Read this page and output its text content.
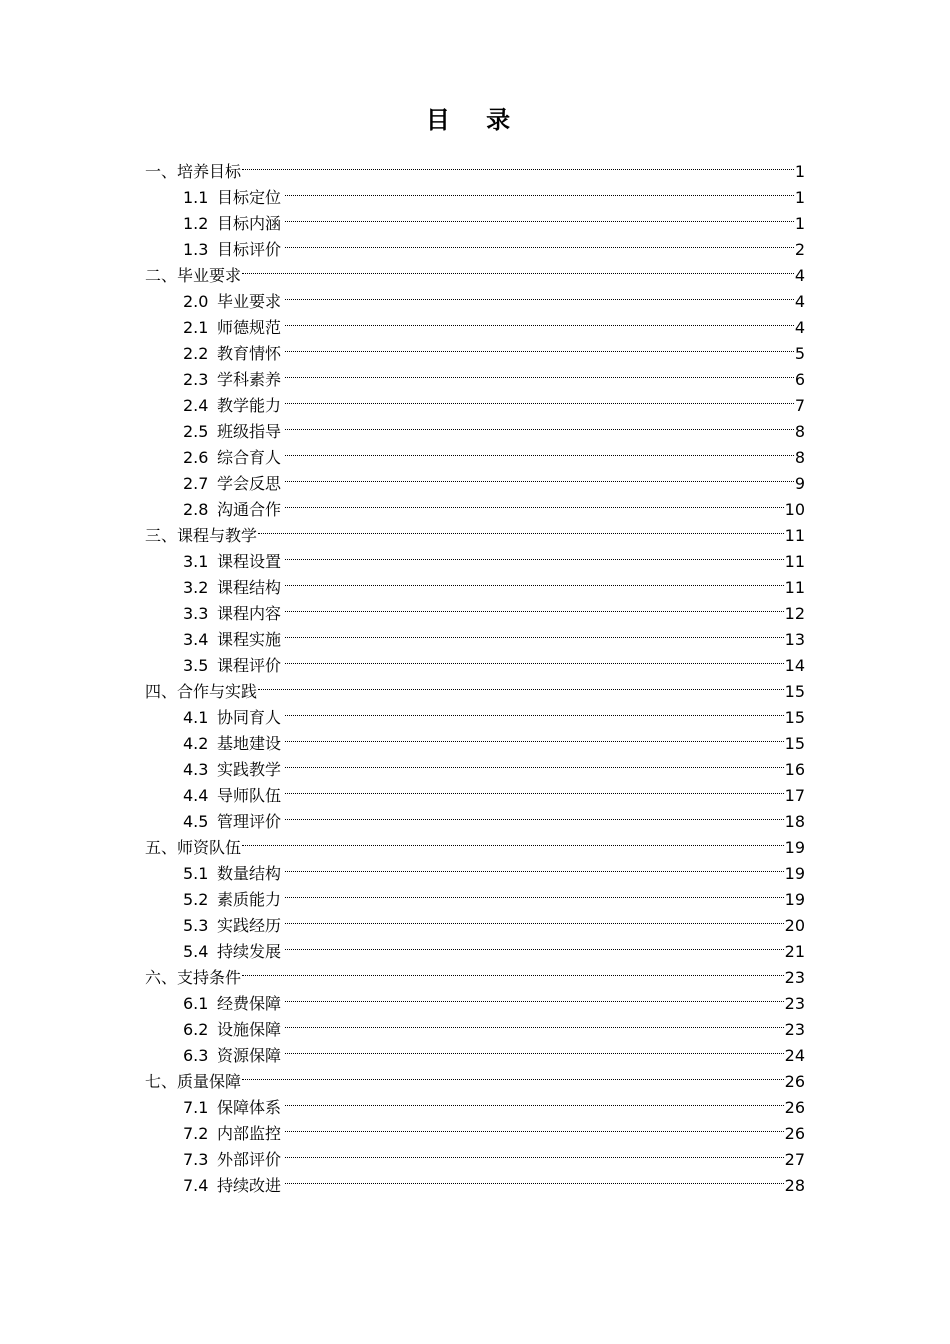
目 录
一、培养目标	1
1.1 目标定位	1
1.2 目标内涵	1
1.3 目标评价	2
二、毕业要求	4
2.0 毕业要求	4
2.1 师德规范	4
2.2 教育情怀	5
2.3 学科素养	6
2.4 教学能力	7
2.5 班级指导	8
2.6 综合育人	8
2.7 学会反思	9
2.8 沟通合作	10
三、课程与教学	11
3.1 课程设置	11
3.2 课程结构	11
3.3 课程内容	12
3.4 课程实施	13
3.5 课程评价	14
四、合作与实践	15
4.1 协同育人	15
4.2 基地建设	15
4.3 实践教学	16
4.4 导师队伍	17
4.5 管理评价	18
五、师资队伍	19
5.1 数量结构	19
5.2 素质能力	19
5.3 实践经历	20
5.4 持续发展	21
六、支持条件	23
6.1 经费保障	23
6.2 设施保障	23
6.3 资源保障	24
七、质量保障	26
7.1 保障体系	26
7.2 内部监控	26
7.3 外部评价	27
7.4 持续改进	28
